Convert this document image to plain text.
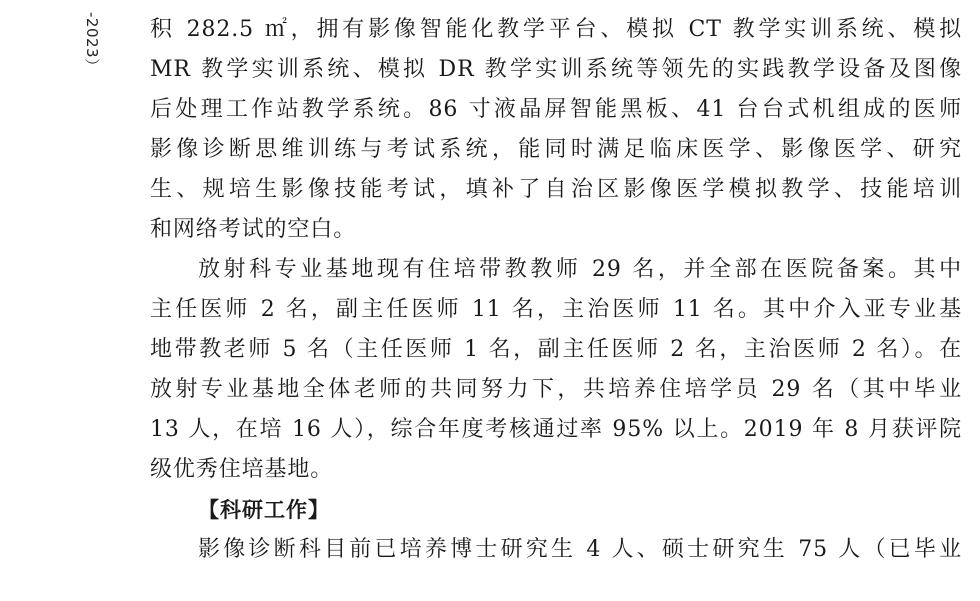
-2023）
　 积 282.5 ㎡，拥有影像智能化教学平台、模拟 CT 教学实训系统、模拟
MR 教学实训系统、模拟 DR 教学实训系统等领先的实践教学设备及图像
后处理工作站教学系统。86 寸液晶屏智能黑板、41 台台式机组成的医师
影像诊断思维训练与考试系统，能同时满足临床医学、影像医学、研究
生、规培生影像技能考试，填补了自治区影像医学模拟教学、技能培训
和网络考试的空白。

放射科专业基地现有住培带教教师 29 名，并全部在医院备案。其中
主任医师 2 名，副主任医师 11 名，主治医师 11 名。其中介入亚专业基
地带教老师 5 名（主任医师 1 名，副主任医师 2 名，主治医师 2 名）。在
放射专业基地全体老师的共同努力下，共培养住培学员 29 名（其中毕业
13 人，在培 16 人），综合年度考核通过率 95% 以上。2019 年 8 月获评院
级优秀住培基地。

【科研工作】

影像诊断科目前已培养博士研究生 4 人、硕士研究生 75 人（已毕业
